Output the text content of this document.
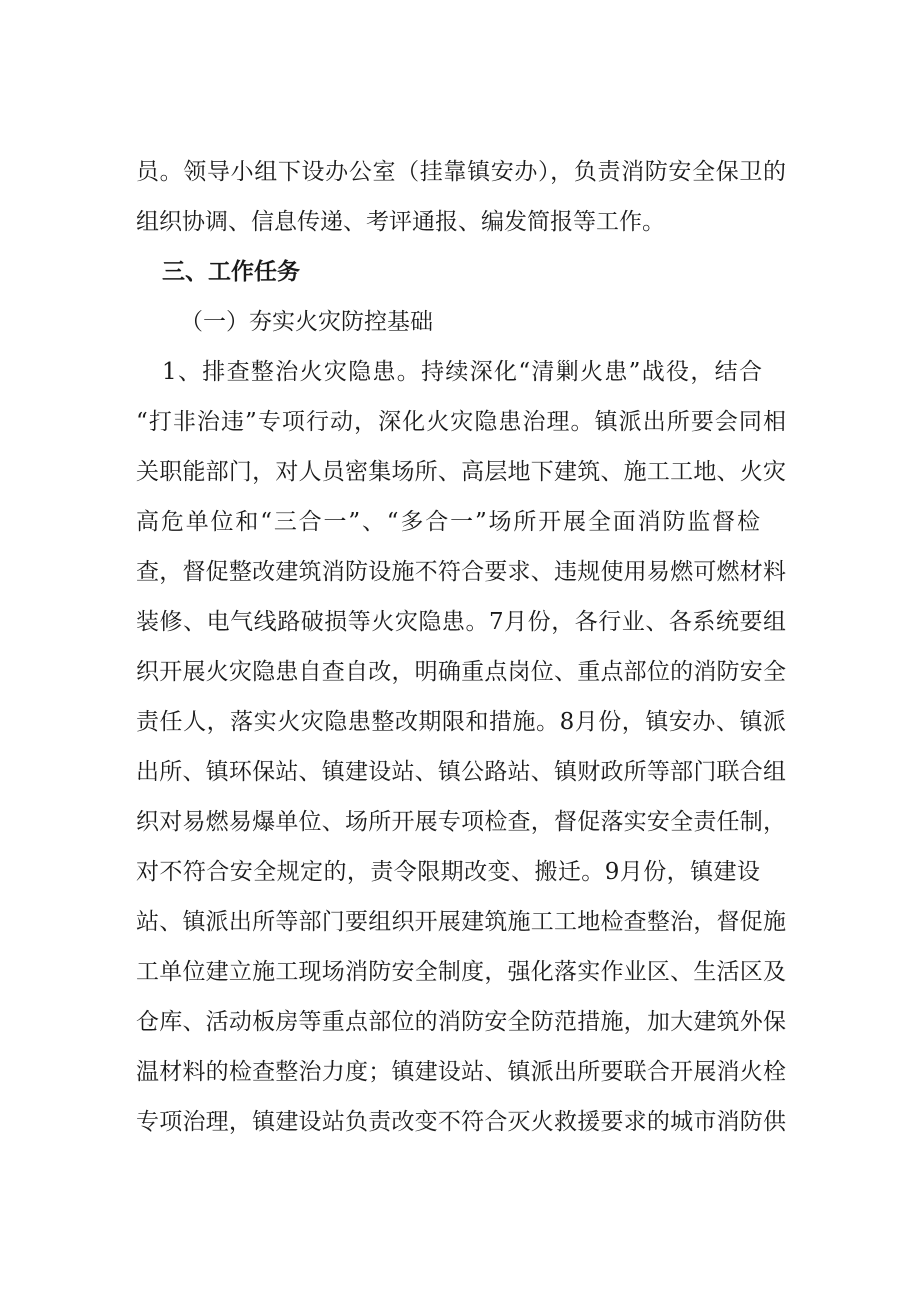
员。领导小组下设办公室（挂靠镇安办），负责消防安全保卫的
组织协调、信息传递、考评通报、编发简报等工作。
三、工作任务
（一）夯实火灾防控基础
1、排查整治火灾隐患。持续深化“清剿火患”战役，结合
“打非治违”专项行动，深化火灾隐患治理。镇派出所要会同相
关职能部门，对人员密集场所、高层地下建筑、施工工地、火灾
高危单位和“三合一”、“多合一”场所开展全面消防监督检
查，督促整改建筑消防设施不符合要求、违规使用易燃可燃材料
装修、电气线路破损等火灾隐患。7月份，各行业、各系统要组
织开展火灾隐患自查自改，明确重点岗位、重点部位的消防安全
责任人，落实火灾隐患整改期限和措施。8月份，镇安办、镇派
出所、镇环保站、镇建设站、镇公路站、镇财政所等部门联合组
织对易燃易爆单位、场所开展专项检查，督促落实安全责任制，
对不符合安全规定的，责令限期改变、搬迁。9月份，镇建设
站、镇派出所等部门要组织开展建筑施工工地检查整治，督促施
工单位建立施工现场消防安全制度，强化落实作业区、生活区及
仓库、活动板房等重点部位的消防安全防范措施，加大建筑外保
温材料的检查整治力度；镇建设站、镇派出所要联合开展消火栓
专项治理，镇建设站负责改变不符合灭火救援要求的城市消防供
